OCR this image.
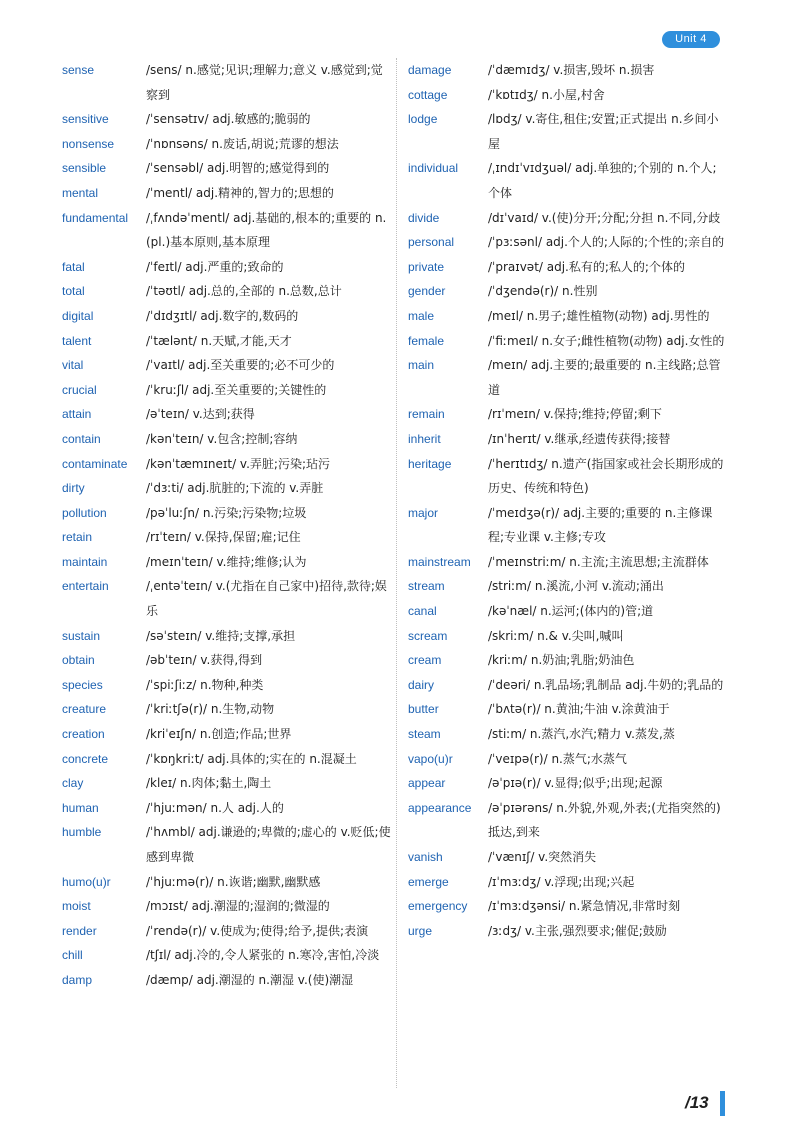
Unit 4
sense	/sens/ n.感觉;见识;理解力;意义 v.感觉到;觉察到
sensitive	/ˈsensətɪv/ adj.敏感的;脆弱的
nonsense	/ˈnɒnsəns/ n.废话,胡说;荒谬的想法
sensible	/ˈsensəbl/ adj.明智的;感觉得到的
mental	/ˈmentl/ adj.精神的,智力的;思想的
fundamental /ˌfʌndəˈmentl/ adj.基础的,根本的;重要的 n.(pl.)基本原则,基本原理
fatal	/ˈfeɪtl/ adj.严重的;致命的
total	/ˈtəʊtl/ adj.总的,全部的 n.总数,总计
digital	/ˈdɪdʒɪtl/ adj.数字的,数码的
talent	/ˈtælənt/ n.天赋,才能,天才
vital	/ˈvaɪtl/ adj.至关重要的;必不可少的
crucial	/ˈkruːʃl/ adj.至关重要的;关键性的
attain	/əˈteɪn/ v.达到;获得
contain	/kənˈteɪn/ v.包含;控制;容纳
contaminate /kənˈtæmɪneɪt/ v.弄脏;污染;玷污
dirty	/ˈdɜːti/ adj.肮脏的;下流的 v.弄脏
pollution	/pəˈluːʃn/ n.污染;污染物;垃圾
retain	/rɪˈteɪn/ v.保持,保留;雇;记住
maintain	/meɪnˈteɪn/ v.维持;维修;认为
entertain	/ˌentəˈteɪn/ v.(尤指在自己家中)招待,款待;娱乐
sustain	/səˈsteɪn/ v.维持;支撑,承担
obtain	/əbˈteɪn/ v.获得,得到
species	/ˈspiːʃiːz/ n.物种,种类
creature	/ˈkriːtʃə(r)/ n.生物,动物
creation	/kriˈeɪʃn/ n.创造;作品;世界
concrete	/ˈkɒŋkriːt/ adj.具体的;实在的 n.混凝土
clay	/kleɪ/ n.肉体;黏土,陶土
human	/ˈhjuːmən/ n.人 adj.人的
humble	/ˈhʌmbl/ adj.谦逊的;卑微的;虚心的 v.贬低;使感到卑微
humo(u)r	/ˈhjuːmə(r)/ n.诙谐;幽默,幽默感
moist	/mɔɪst/ adj.潮湿的;湿润的;微湿的
render	/ˈrendə(r)/ v.使成为;使得;给予,提供;表演
chill	/tʃɪl/ adj.冷的,令人紧张的 n.寒冷,害怕,冷淡
damp	/dæmp/ adj.潮湿的 n.潮湿 v.(使)潮湿
damage	/ˈdæmɪdʒ/ v.损害,毁坏 n.损害
cottage	/ˈkɒtɪdʒ/ n.小屋,村舍
lodge	/lɒdʒ/ v.寄住,租住;安置;正式提出 n.乡间小屋
individual /ˌɪndɪˈvɪdʒuəl/ adj.单独的;个别的 n.个人;个体
divide	/dɪˈvaɪd/ v.(使)分开;分配;分担 n.不同,分歧
personal	/ˈpɜːsənl/ adj.个人的;人际的;个性的;亲自的
private	/ˈpraɪvət/ adj.私有的;私人的;个体的
gender	/ˈdʒendə(r)/ n.性别
male	/meɪl/ n.男子;雄性植物(动物) adj.男性的
female	/ˈfiːmeɪl/ n.女子;雌性植物(动物) adj.女性的
main	/meɪn/ adj.主要的;最重要的 n.主线路;总管道
remain	/rɪˈmeɪn/ v.保持;维持;停留;剩下
inherit	/ɪnˈherɪt/ v.继承,经遗传获得;接替
heritage	/ˈherɪtɪdʒ/ n.遗产(指国家或社会长期形成的历史、传统和特色)
major	/ˈmeɪdʒə(r)/ adj.主要的;重要的 n.主修课程;专业课 v.主修;专攻
mainstream /ˈmeɪnstriːm/ n.主流;主流思想;主流群体
stream	/striːm/ n.溪流,小河 v.流动;涌出
canal	/kəˈnæl/ n.运河;(体内的)管;道
scream	/skriːm/ n.& v.尖叫,喊叫
cream	/kriːm/ n.奶油;乳脂;奶油色
dairy	/ˈdeəri/ n.乳品场;乳制品 adj.牛奶的;乳品的
butter	/ˈbʌtə(r)/ n.黄油;牛油 v.涂黄油于
steam	/stiːm/ n.蒸汽,水汽;精力 v.蒸发,蒸
vapo(u)r	/ˈveɪpə(r)/ n.蒸气;水蒸气
appear	/əˈpɪə(r)/ v.显得;似乎;出现;起源
appearance /əˈpɪərəns/ n.外貌,外观,外表;(尤指突然的)抵达,到来
vanish	/ˈvænɪʃ/ v.突然消失
emerge	/ɪˈmɜːdʒ/ v.浮现;出现;兴起
emergency /ɪˈmɜːdʒənsi/ n.紧急情况,非常时刻
urge	/ɜːdʒ/ v.主张,强烈要求;催促;鼓励
/13
